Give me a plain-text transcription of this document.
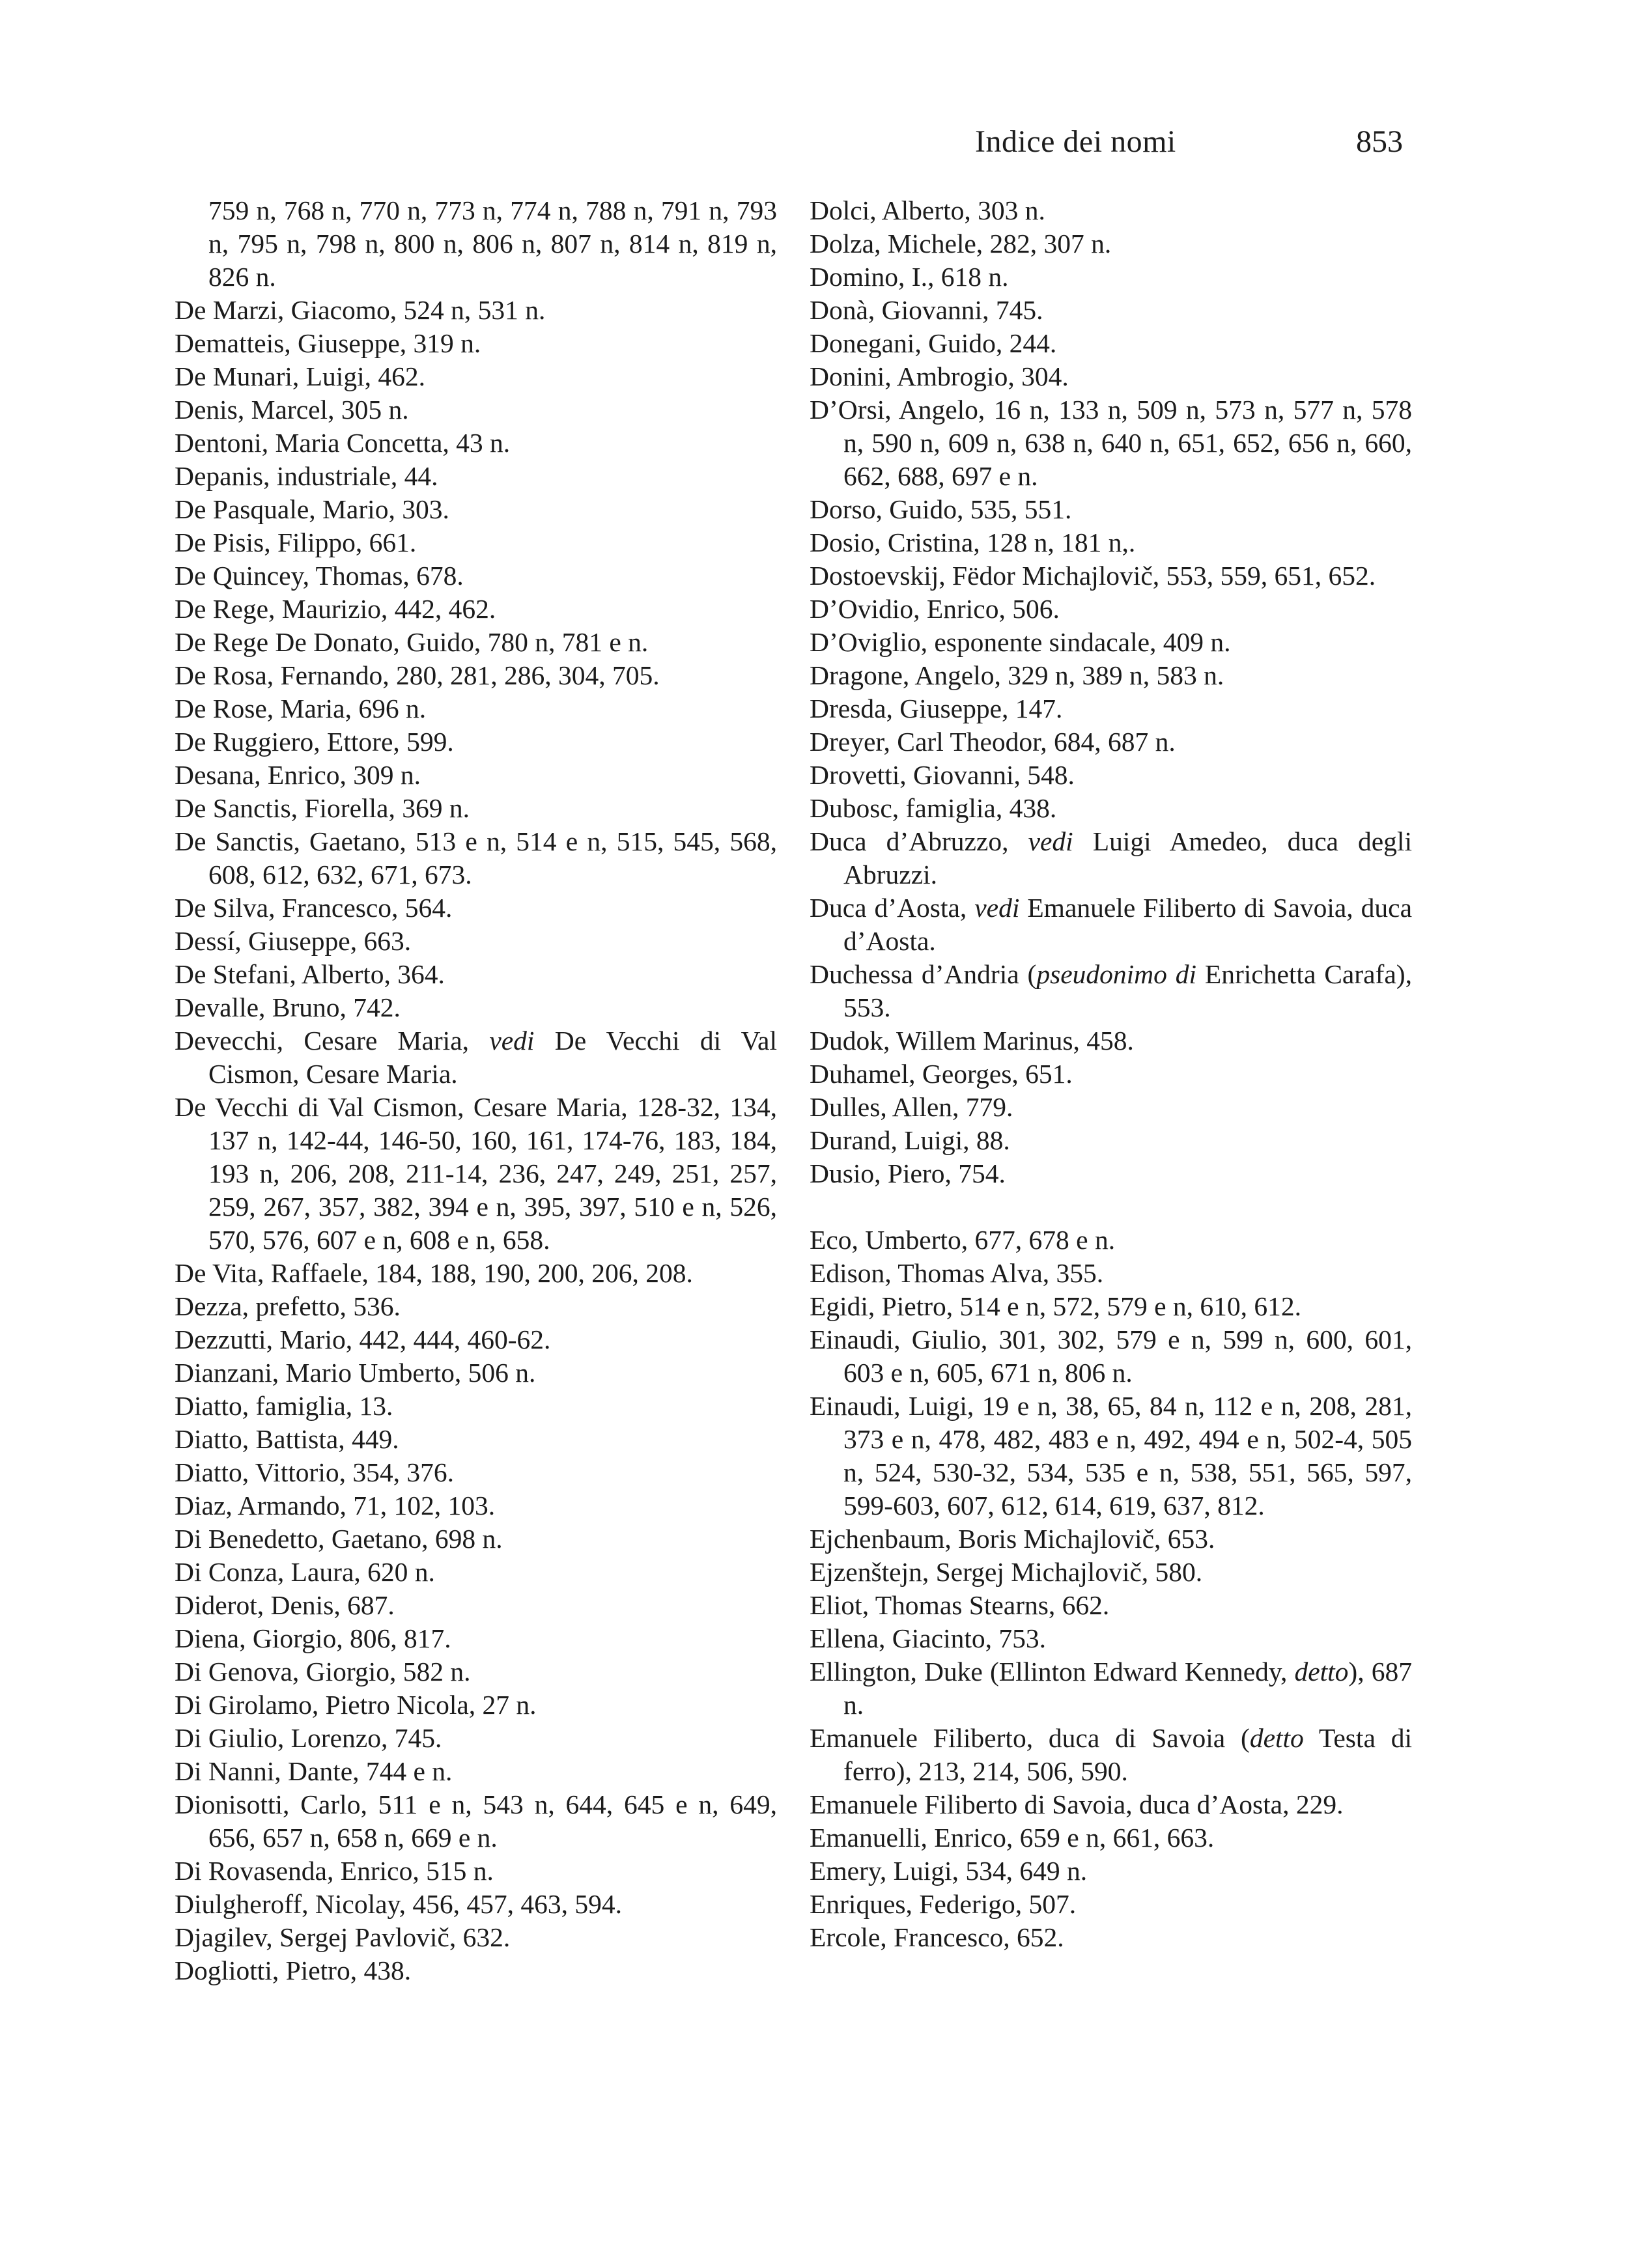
Indice dei nomi	853
759 n, 768 n, 770 n, 773 n, 774 n, 788 n, 791 n, 793 n, 795 n, 798 n, 800 n, 806 n, 807 n, 814 n, 819 n, 826 n.
De Marzi, Giacomo, 524 n, 531 n.
Dematteis, Giuseppe, 319 n.
De Munari, Luigi, 462.
Denis, Marcel, 305 n.
Dentoni, Maria Concetta, 43 n.
Depanis, industriale, 44.
De Pasquale, Mario, 303.
De Pisis, Filippo, 661.
De Quincey, Thomas, 678.
De Rege, Maurizio, 442, 462.
De Rege De Donato, Guido, 780 n, 781 e n.
De Rosa, Fernando, 280, 281, 286, 304, 705.
De Rose, Maria, 696 n.
De Ruggiero, Ettore, 599.
Desana, Enrico, 309 n.
De Sanctis, Fiorella, 369 n.
De Sanctis, Gaetano, 513 e n, 514 e n, 515, 545, 568, 608, 612, 632, 671, 673.
De Silva, Francesco, 564.
Dessí, Giuseppe, 663.
De Stefani, Alberto, 364.
Devalle, Bruno, 742.
Devecchi, Cesare Maria, vedi De Vecchi di Val Cismon, Cesare Maria.
De Vecchi di Val Cismon, Cesare Maria, 128-32, 134, 137 n, 142-44, 146-50, 160, 161, 174-76, 183, 184, 193 n, 206, 208, 211-14, 236, 247, 249, 251, 257, 259, 267, 357, 382, 394 e n, 395, 397, 510 e n, 526, 570, 576, 607 e n, 608 e n, 658.
De Vita, Raffaele, 184, 188, 190, 200, 206, 208.
Dezza, prefetto, 536.
Dezzutti, Mario, 442, 444, 460-62.
Dianzani, Mario Umberto, 506 n.
Diatto, famiglia, 13.
Diatto, Battista, 449.
Diatto, Vittorio, 354, 376.
Diaz, Armando, 71, 102, 103.
Di Benedetto, Gaetano, 698 n.
Di Conza, Laura, 620 n.
Diderot, Denis, 687.
Diena, Giorgio, 806, 817.
Di Genova, Giorgio, 582 n.
Di Girolamo, Pietro Nicola, 27 n.
Di Giulio, Lorenzo, 745.
Di Nanni, Dante, 744 e n.
Dionisotti, Carlo, 511 e n, 543 n, 644, 645 e n, 649, 656, 657 n, 658 n, 669 e n.
Di Rovasenda, Enrico, 515 n.
Diulgheroff, Nicolay, 456, 457, 463, 594.
Djagilev, Sergej Pavlovič, 632.
Dogliotti, Pietro, 438.
Dolci, Alberto, 303 n.
Dolza, Michele, 282, 307 n.
Domino, I., 618 n.
Donà, Giovanni, 745.
Donegani, Guido, 244.
Donini, Ambrogio, 304.
D’Orsi, Angelo, 16 n, 133 n, 509 n, 573 n, 577 n, 578 n, 590 n, 609 n, 638 n, 640 n, 651, 652, 656 n, 660, 662, 688, 697 e n.
Dorso, Guido, 535, 551.
Dosio, Cristina, 128 n, 181 n,.
Dostoevskij, Fëdor Michajlovič, 553, 559, 651, 652.
D’Ovidio, Enrico, 506.
D’Oviglio, esponente sindacale, 409 n.
Dragone, Angelo, 329 n, 389 n, 583 n.
Dresda, Giuseppe, 147.
Dreyer, Carl Theodor, 684, 687 n.
Drovetti, Giovanni, 548.
Dubosc, famiglia, 438.
Duca d’Abruzzo, vedi Luigi Amedeo, duca degli Abruzzi.
Duca d’Aosta, vedi Emanuele Filiberto di Savoia, duca d’Aosta.
Duchessa d’Andria (pseudonimo di Enrichetta Carafa), 553.
Dudok, Willem Marinus, 458.
Duhamel, Georges, 651.
Dulles, Allen, 779.
Durand, Luigi, 88.
Dusio, Piero, 754.
Eco, Umberto, 677, 678 e n.
Edison, Thomas Alva, 355.
Egidi, Pietro, 514 e n, 572, 579 e n, 610, 612.
Einaudi, Giulio, 301, 302, 579 e n, 599 n, 600, 601, 603 e n, 605, 671 n, 806 n.
Einaudi, Luigi, 19 e n, 38, 65, 84 n, 112 e n, 208, 281, 373 e n, 478, 482, 483 e n, 492, 494 e n, 502-4, 505 n, 524, 530-32, 534, 535 e n, 538, 551, 565, 597, 599-603, 607, 612, 614, 619, 637, 812.
Ejchenbaum, Boris Michajlovič, 653.
Ejzenštejn, Sergej Michajlovič, 580.
Eliot, Thomas Stearns, 662.
Ellena, Giacinto, 753.
Ellington, Duke (Ellinton Edward Kennedy, detto), 687 n.
Emanuele Filiberto, duca di Savoia (detto Testa di ferro), 213, 214, 506, 590.
Emanuele Filiberto di Savoia, duca d’Aosta, 229.
Emanuelli, Enrico, 659 e n, 661, 663.
Emery, Luigi, 534, 649 n.
Enriques, Federigo, 507.
Ercole, Francesco, 652.
